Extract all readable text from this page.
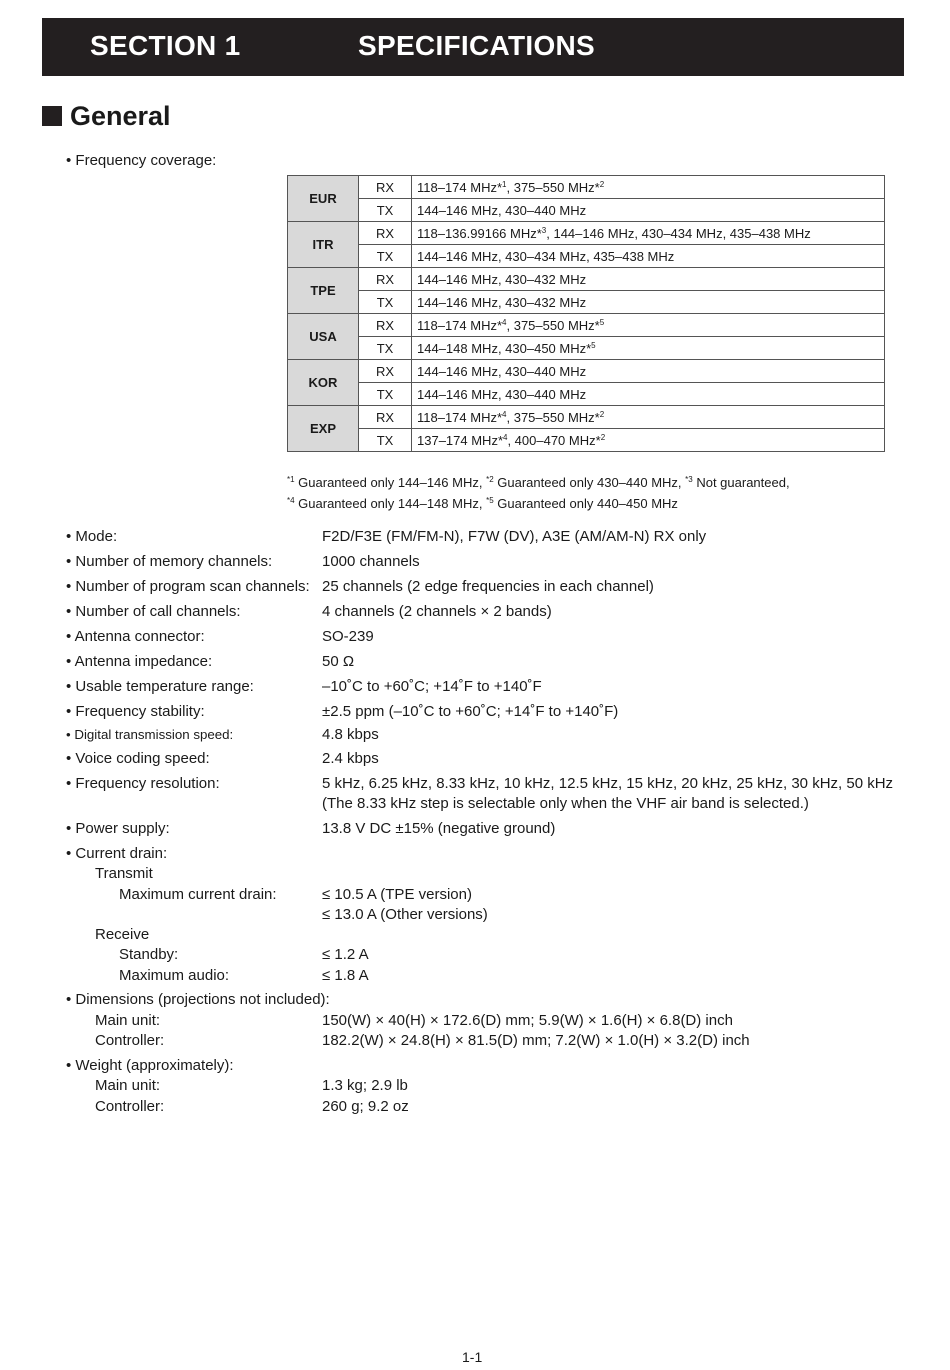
SECTION 1	SPECIFICATIONS
General
• Frequency coverage:
EUR	RX	118–174 MHz*$^1$, 375–550 MHz*$^2$
	TX	144–146 MHz, 430–440 MHz
ITR	RX	118–136.99166 MHz*$^3$, 144–146 MHz, 430–434 MHz, 435–438 MHz
	TX	144–146 MHz, 430–434 MHz, 435–438 MHz
TPE	RX	144–146 MHz, 430–432 MHz
	TX	144–146 MHz, 430–432 MHz
USA	RX	118–174 MHz*$^4$, 375–550 MHz*$^5$
	TX	144–148 MHz, 430–450 MHz*$^5$
KOR	RX	144–146 MHz, 430–440 MHz
	TX	144–146 MHz, 430–440 MHz
EXP	RX	118–174 MHz*$^4$, 375–550 MHz*$^2$
	TX	137–174 MHz*$^4$, 400–470 MHz*$^2$
$^{*1}$ Guaranteed only 144–146 MHz, $^{*2}$ Guaranteed only 430–440 MHz, $^{*3}$ Not guaranteed,
$^{*4}$ Guaranteed only 144–148 MHz, $^{*5}$ Guaranteed only 440–450 MHz
• Mode:	F2D/F3E (FM/FM-N), F7W (DV), A3E (AM/AM-N) RX only
• Number of memory channels:	1000 channels
• Number of program scan channels: 25 channels (2 edge frequencies in each channel)
• Number of call channels:	4 channels (2 channels × 2 bands)
• Antenna connector:	SO-239
• Antenna impedance:	50 Ω
• Usable temperature range:	–10˚C to +60˚C; +14˚F to +140˚F
• Frequency stability:	±2.5 ppm (–10˚C to +60˚C; +14˚F to +140˚F)
• Digital transmission speed:	4.8 kbps
• Voice coding speed:	2.4 kbps
• Frequency resolution:	5 kHz, 6.25 kHz, 8.33 kHz, 10 kHz, 12.5 kHz, 15 kHz, 20 kHz, 25 kHz, 30 kHz, 50 kHz
(The 8.33 kHz step is selectable only when the VHF air band is selected.)
• Power supply:	13.8 V DC ±15% (negative ground)
• Current drain:
Transmit
Maximum current drain:	≤ 10.5 A (TPE version)
≤ 13.0 A (Other versions)
Receive
Standby:	≤ 1.2 A
Maximum audio:	≤ 1.8 A
• Dimensions (projections not included):
Main unit:	150(W) × 40(H) × 172.6(D) mm; 5.9(W) × 1.6(H) × 6.8(D) inch
Controller:	182.2(W) × 24.8(H) × 81.5(D) mm; 7.2(W) × 1.0(H) × 3.2(D) inch
• Weight (approximately):
Main unit:	1.3 kg; 2.9 lb
Controller:	260 g; 9.2 oz
1-1
